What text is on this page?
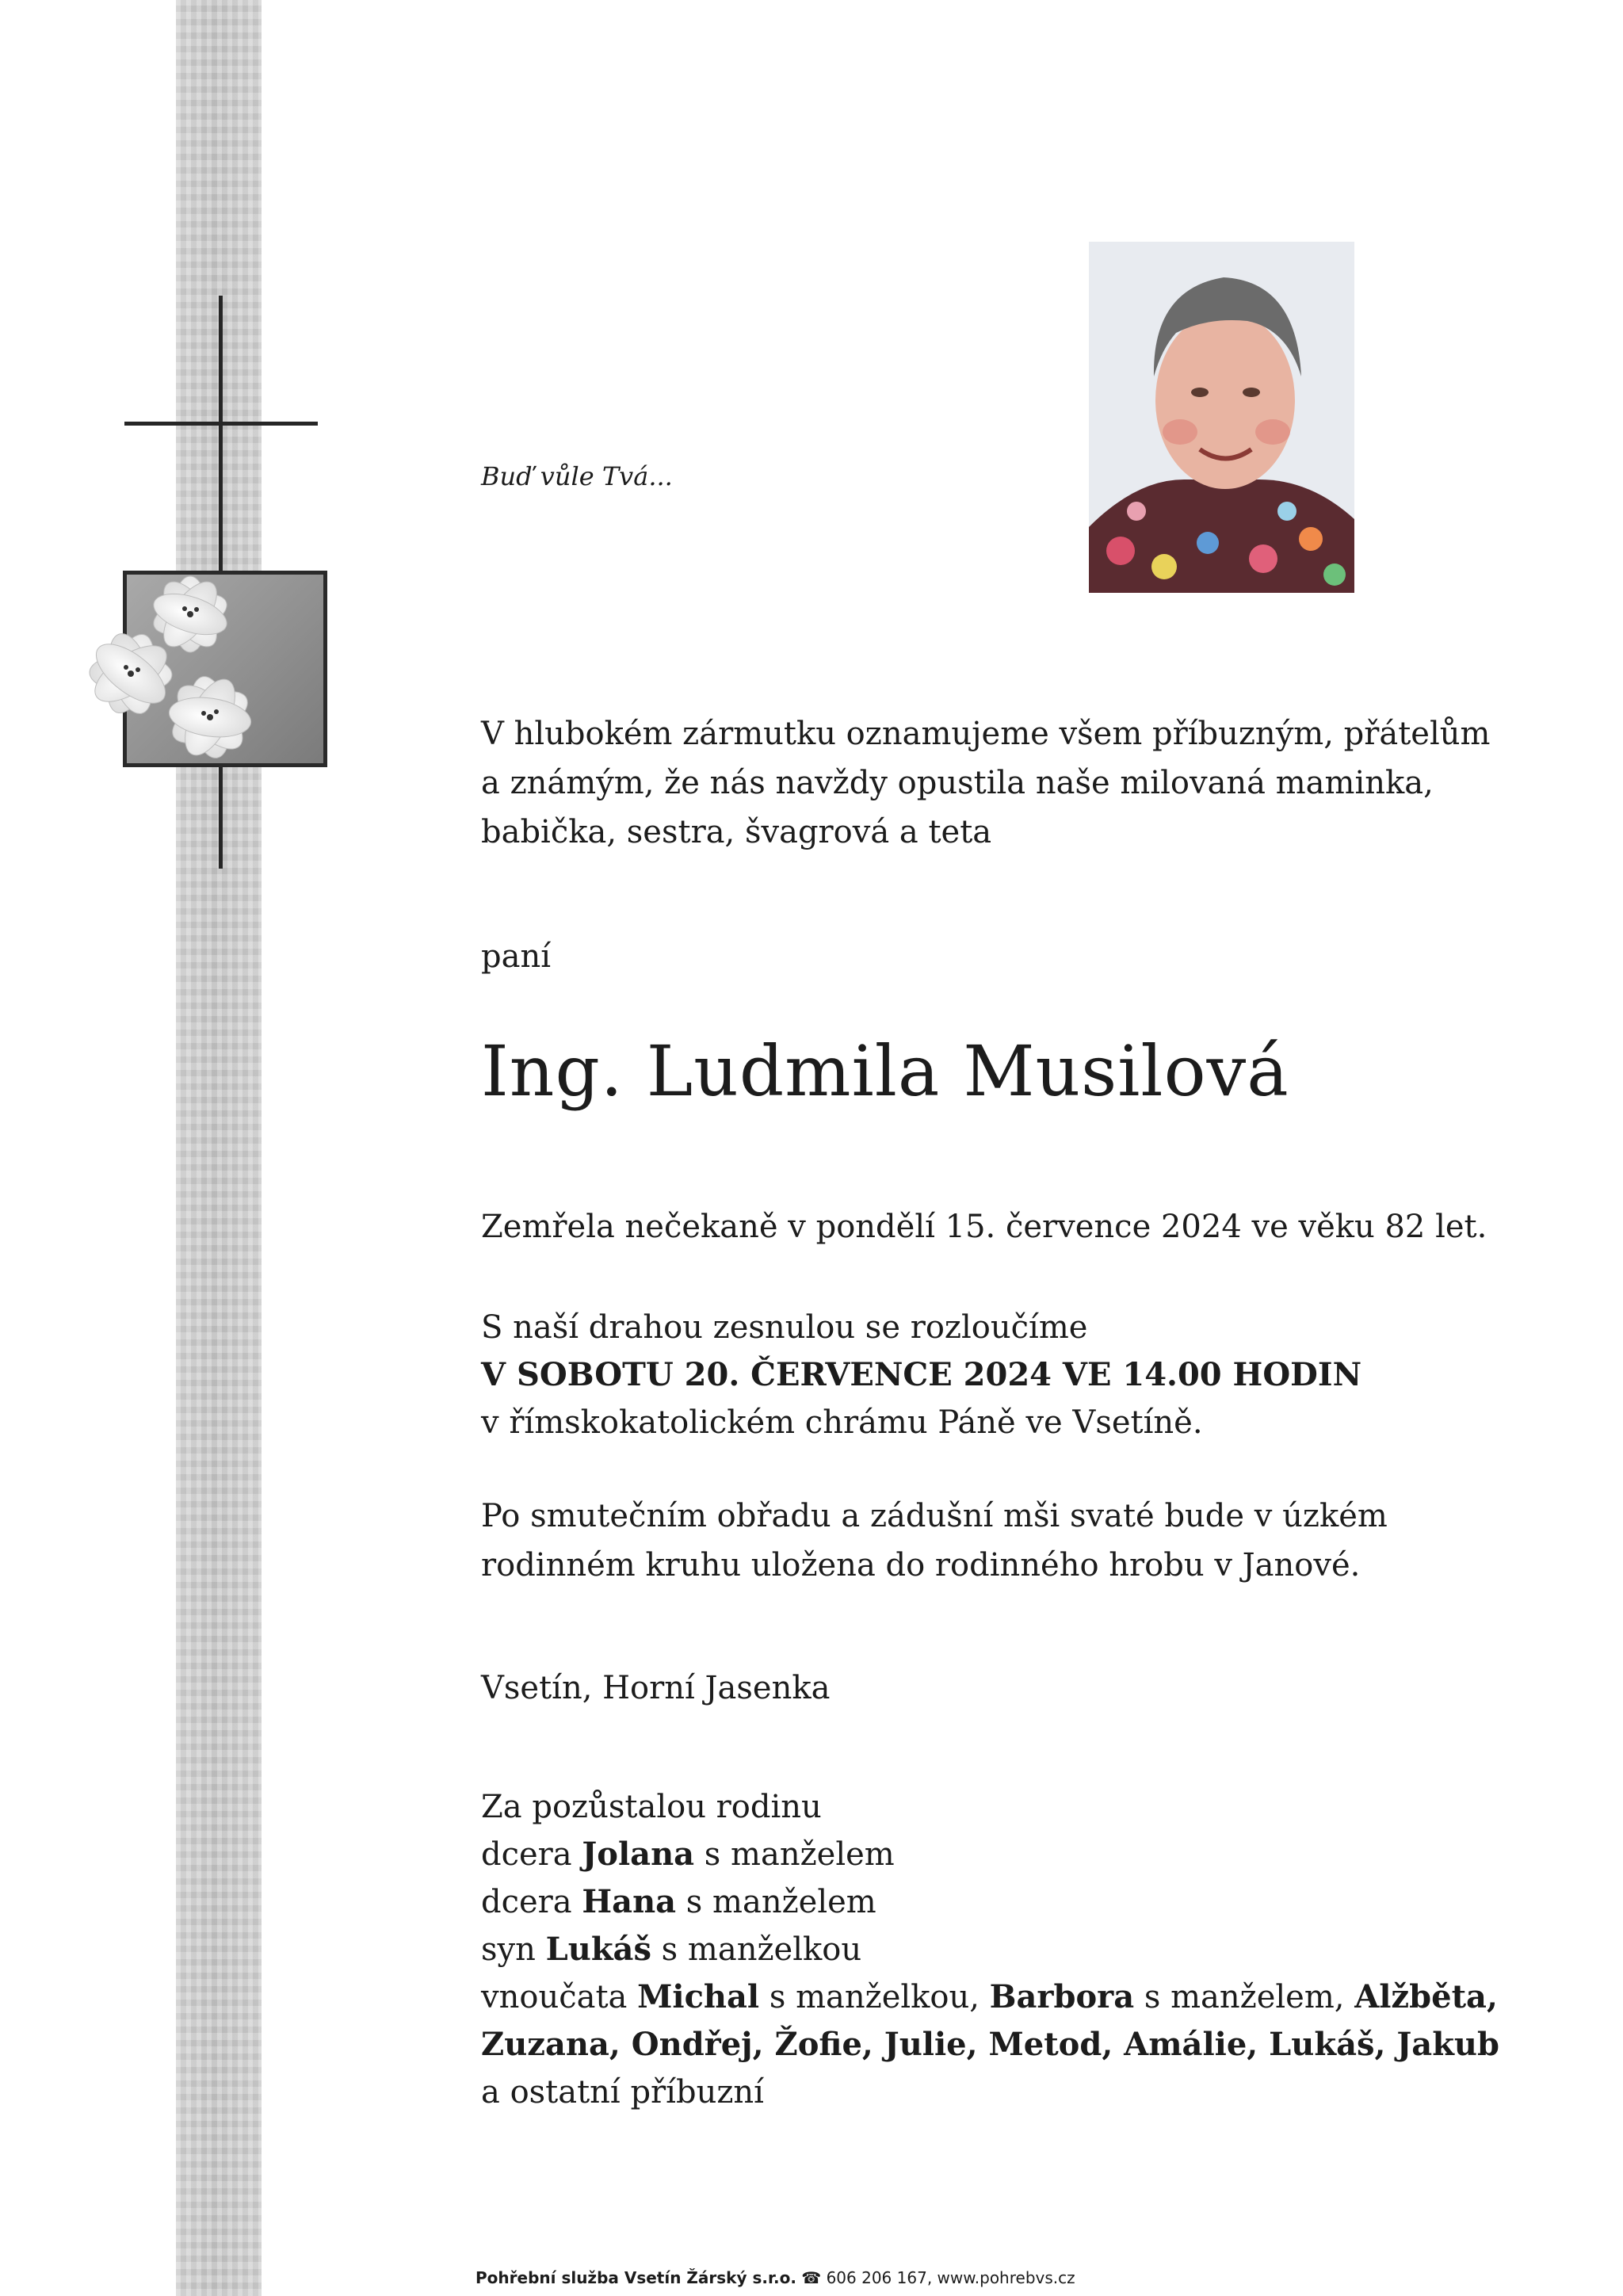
Buď vůle Tvá...
V hlubokém zármutku oznamujeme všem příbuzným, přátelům
a známým, že nás navždy opustila naše milovaná maminka,
babička, sestra, švagrová a teta
paní
Ing. Ludmila Musilová
Zemřela nečekaně v pondělí 15. července 2024 ve věku 82 let.
S naší drahou zesnulou se rozloučíme
V SOBOTU 20. ČERVENCE 2024 VE 14.00 HODIN
v římskokatolickém chrámu Páně ve Vsetíně.
Po smutečním obřadu a zádušní mši svaté bude v úzkém
rodinném kruhu uložena do rodinného hrobu v Janové.
Vsetín, Horní Jasenka
Za pozůstalou rodinu
dcera Jolana s manželem
dcera Hana s manželem
syn Lukáš s manželkou
vnoučata Michal s manželkou, Barbora s manželem, Alžběta,
Zuzana, Ondřej, Žofie, Julie, Metod, Amálie, Lukáš, Jakub
a ostatní příbuzní
Pohřební služba Vsetín Žárský s.r.o. ☎ 606 206 167, www.pohrebvs.cz
